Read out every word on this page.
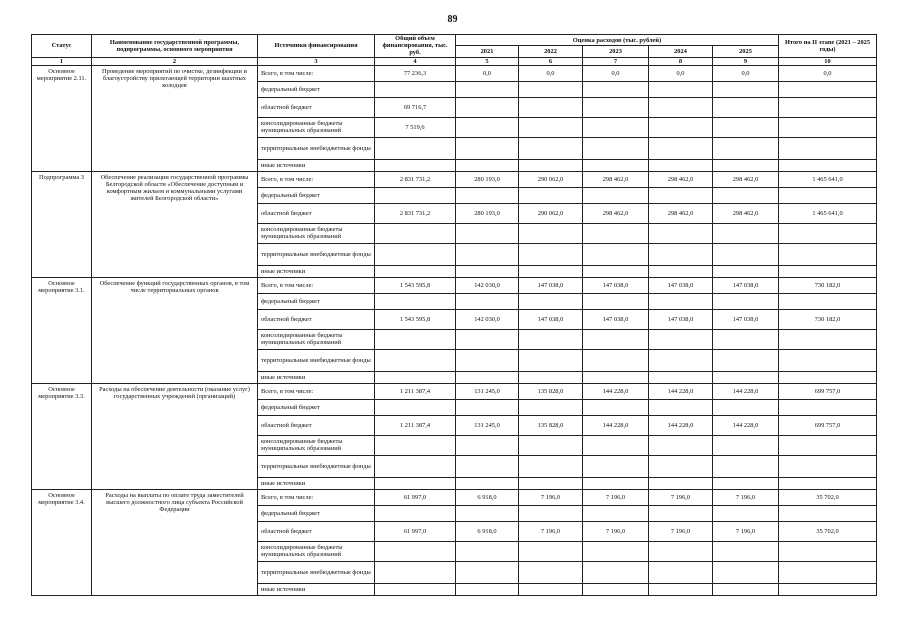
89
Статус	Наименование государственной программы, подпрограммы, основного мероприятия	Источники финансирования	Общий объем финансирования, тыс. руб.	Оценка расходов (тыс. рублей)					Итого на II этапе (2021 – 2025 годы)
				2021	2022	2023	2024	2025	
1	2	3	4	5	6	7	8	9	10
Основное мероприятие 2.11.	Проведение мероприятий по очистке, дезинфекции и благоустройству прилегающей территории шахтных колодцев	Всего, в том числе:	77 236,3	0,0	0,0	0,0	0,0	0,0	0,0
		федеральный бюджет							
		областной бюджет	69 716,7						
		консолидированные бюджеты муниципальных образований	7 519,6						
		территориальные внебюджетные фонды							
		иные источники							
Подпрограмма 3	Обеспечение реализации государственной программы Белгородской области «Обеспечение доступным и комфортным жильем и коммунальными услугами жителей Белгородской области»	Всего, в том числе:	2 831 731,2	280 193,0	290 062,0	298 462,0	298 462,0	298 462,0	1 465 641,0
		федеральный бюджет							
		областной бюджет	2 831 731,2	280 193,0	290 062,0	298 462,0	298 462,0	298 462,0	1 465 641,0
		консолидированные бюджеты муниципальных образований							
		территориальные внебюджетные фонды							
		иные источники							
Основное мероприятие 3.1.	Обеспечение функций государственных органов, в том числе территориальных органов	Всего, в том числе:	1 543 595,8	142 030,0	147 038,0	147 038,0	147 038,0	147 038,0	730 182,0
		федеральный бюджет							
		областной бюджет	1 543 595,8	142 030,0	147 038,0	147 038,0	147 038,0	147 038,0	730 182,0
		консолидированные бюджеты муниципальных образований							
		территориальные внебюджетные фонды							
		иные источники							
Основное мероприятие 3.3.	Расходы на обеспечение деятельности (оказание услуг) государственных учреждений (организаций)	Всего, в том числе:	1 211 387,4	131 245,0	135 828,0	144 228,0	144 228,0	144 228,0	699 757,0
		федеральный бюджет							
		областной бюджет	1 211 387,4	131 245,0	135 828,0	144 228,0	144 228,0	144 228,0	699 757,0
		консолидированные бюджеты муниципальных образований							
		территориальные внебюджетные фонды							
		иные источники							
Основное мероприятие 3.4.	Расходы на выплаты по оплате труда заместителей высшего должностного лица субъекта Российской Федерации	Всего, в том числе:	61 997,0	6 918,0	7 196,0	7 196,0	7 196,0	7 196,0	35 702,0
		федеральный бюджет							
		областной бюджет	61 997,0	6 918,0	7 196,0	7 196,0	7 196,0	7 196,0	35 702,0
		консолидированные бюджеты муниципальных образований							
		территориальные внебюджетные фонды							
		иные источники							
